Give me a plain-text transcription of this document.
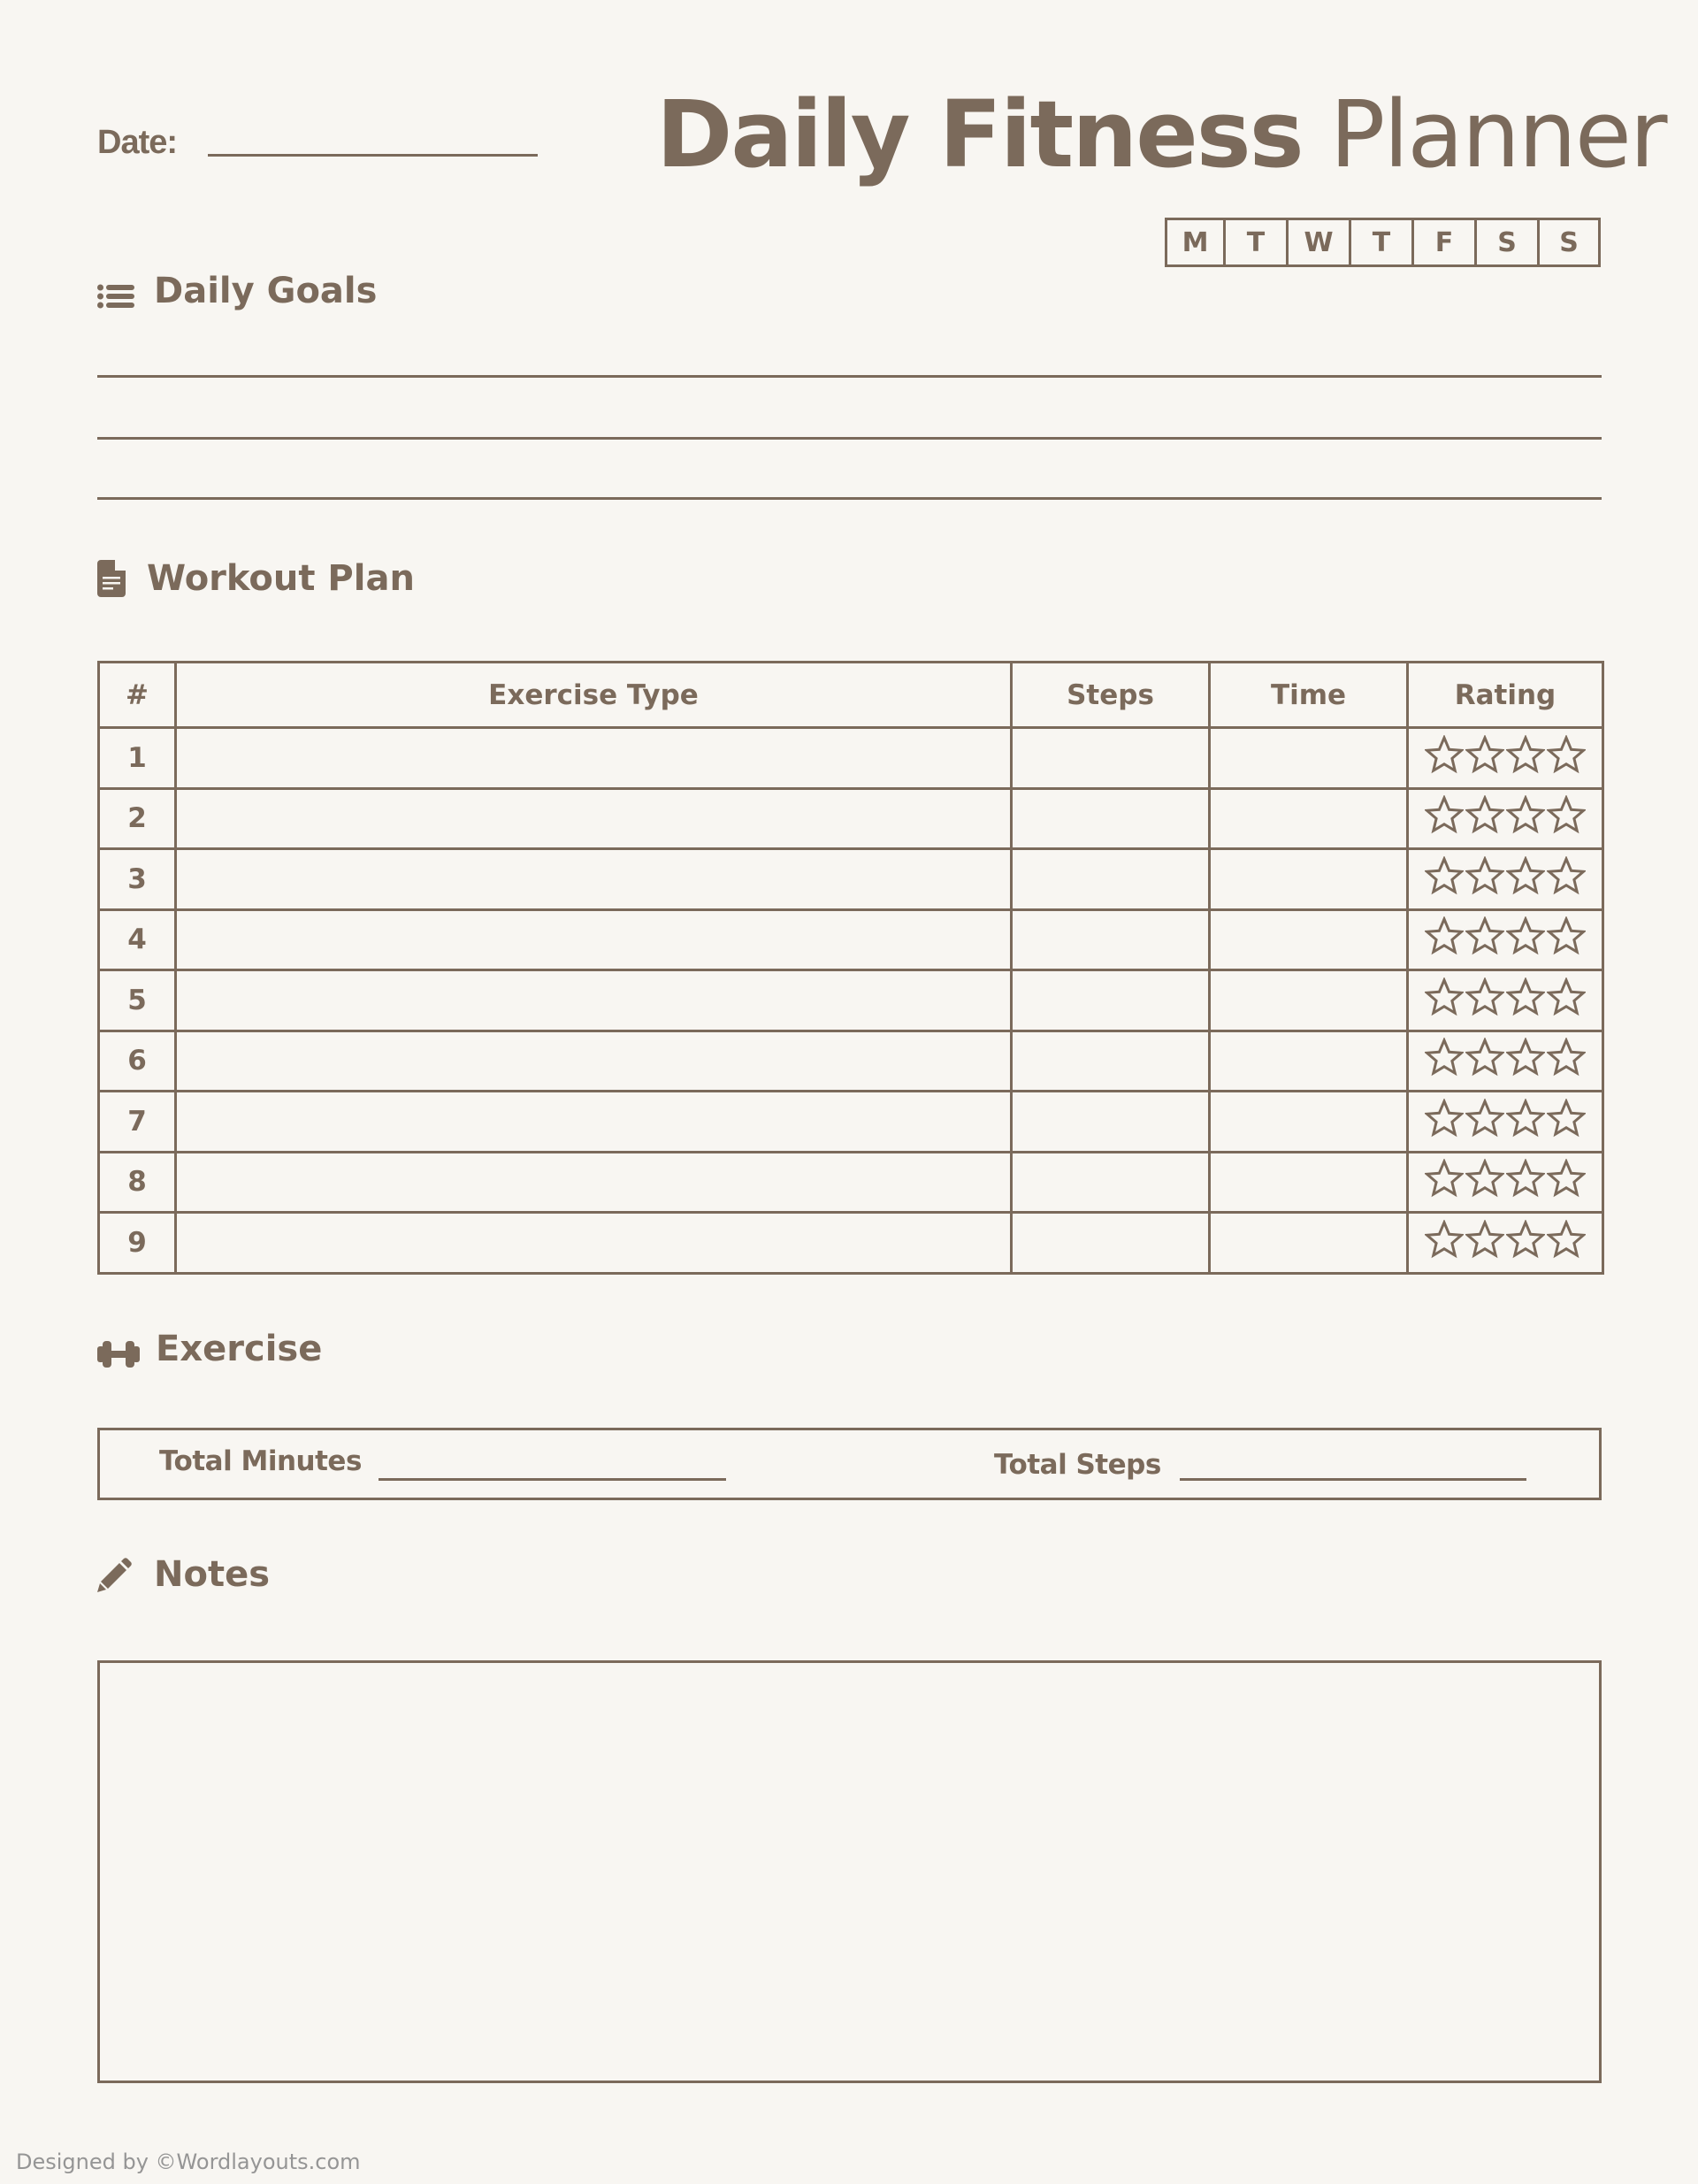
Date:	Daily Fitness Planner
M	T	W	T	F	S	S
Daily Goals
Workout Plan
#	Exercise Type	Steps	Time	Rating
1				

2				

3				

4				

5				

6				

7				

8				

9				
Exercise
Total Minutes	Total Steps
Notes
Designed by ©Wordlayouts.com
